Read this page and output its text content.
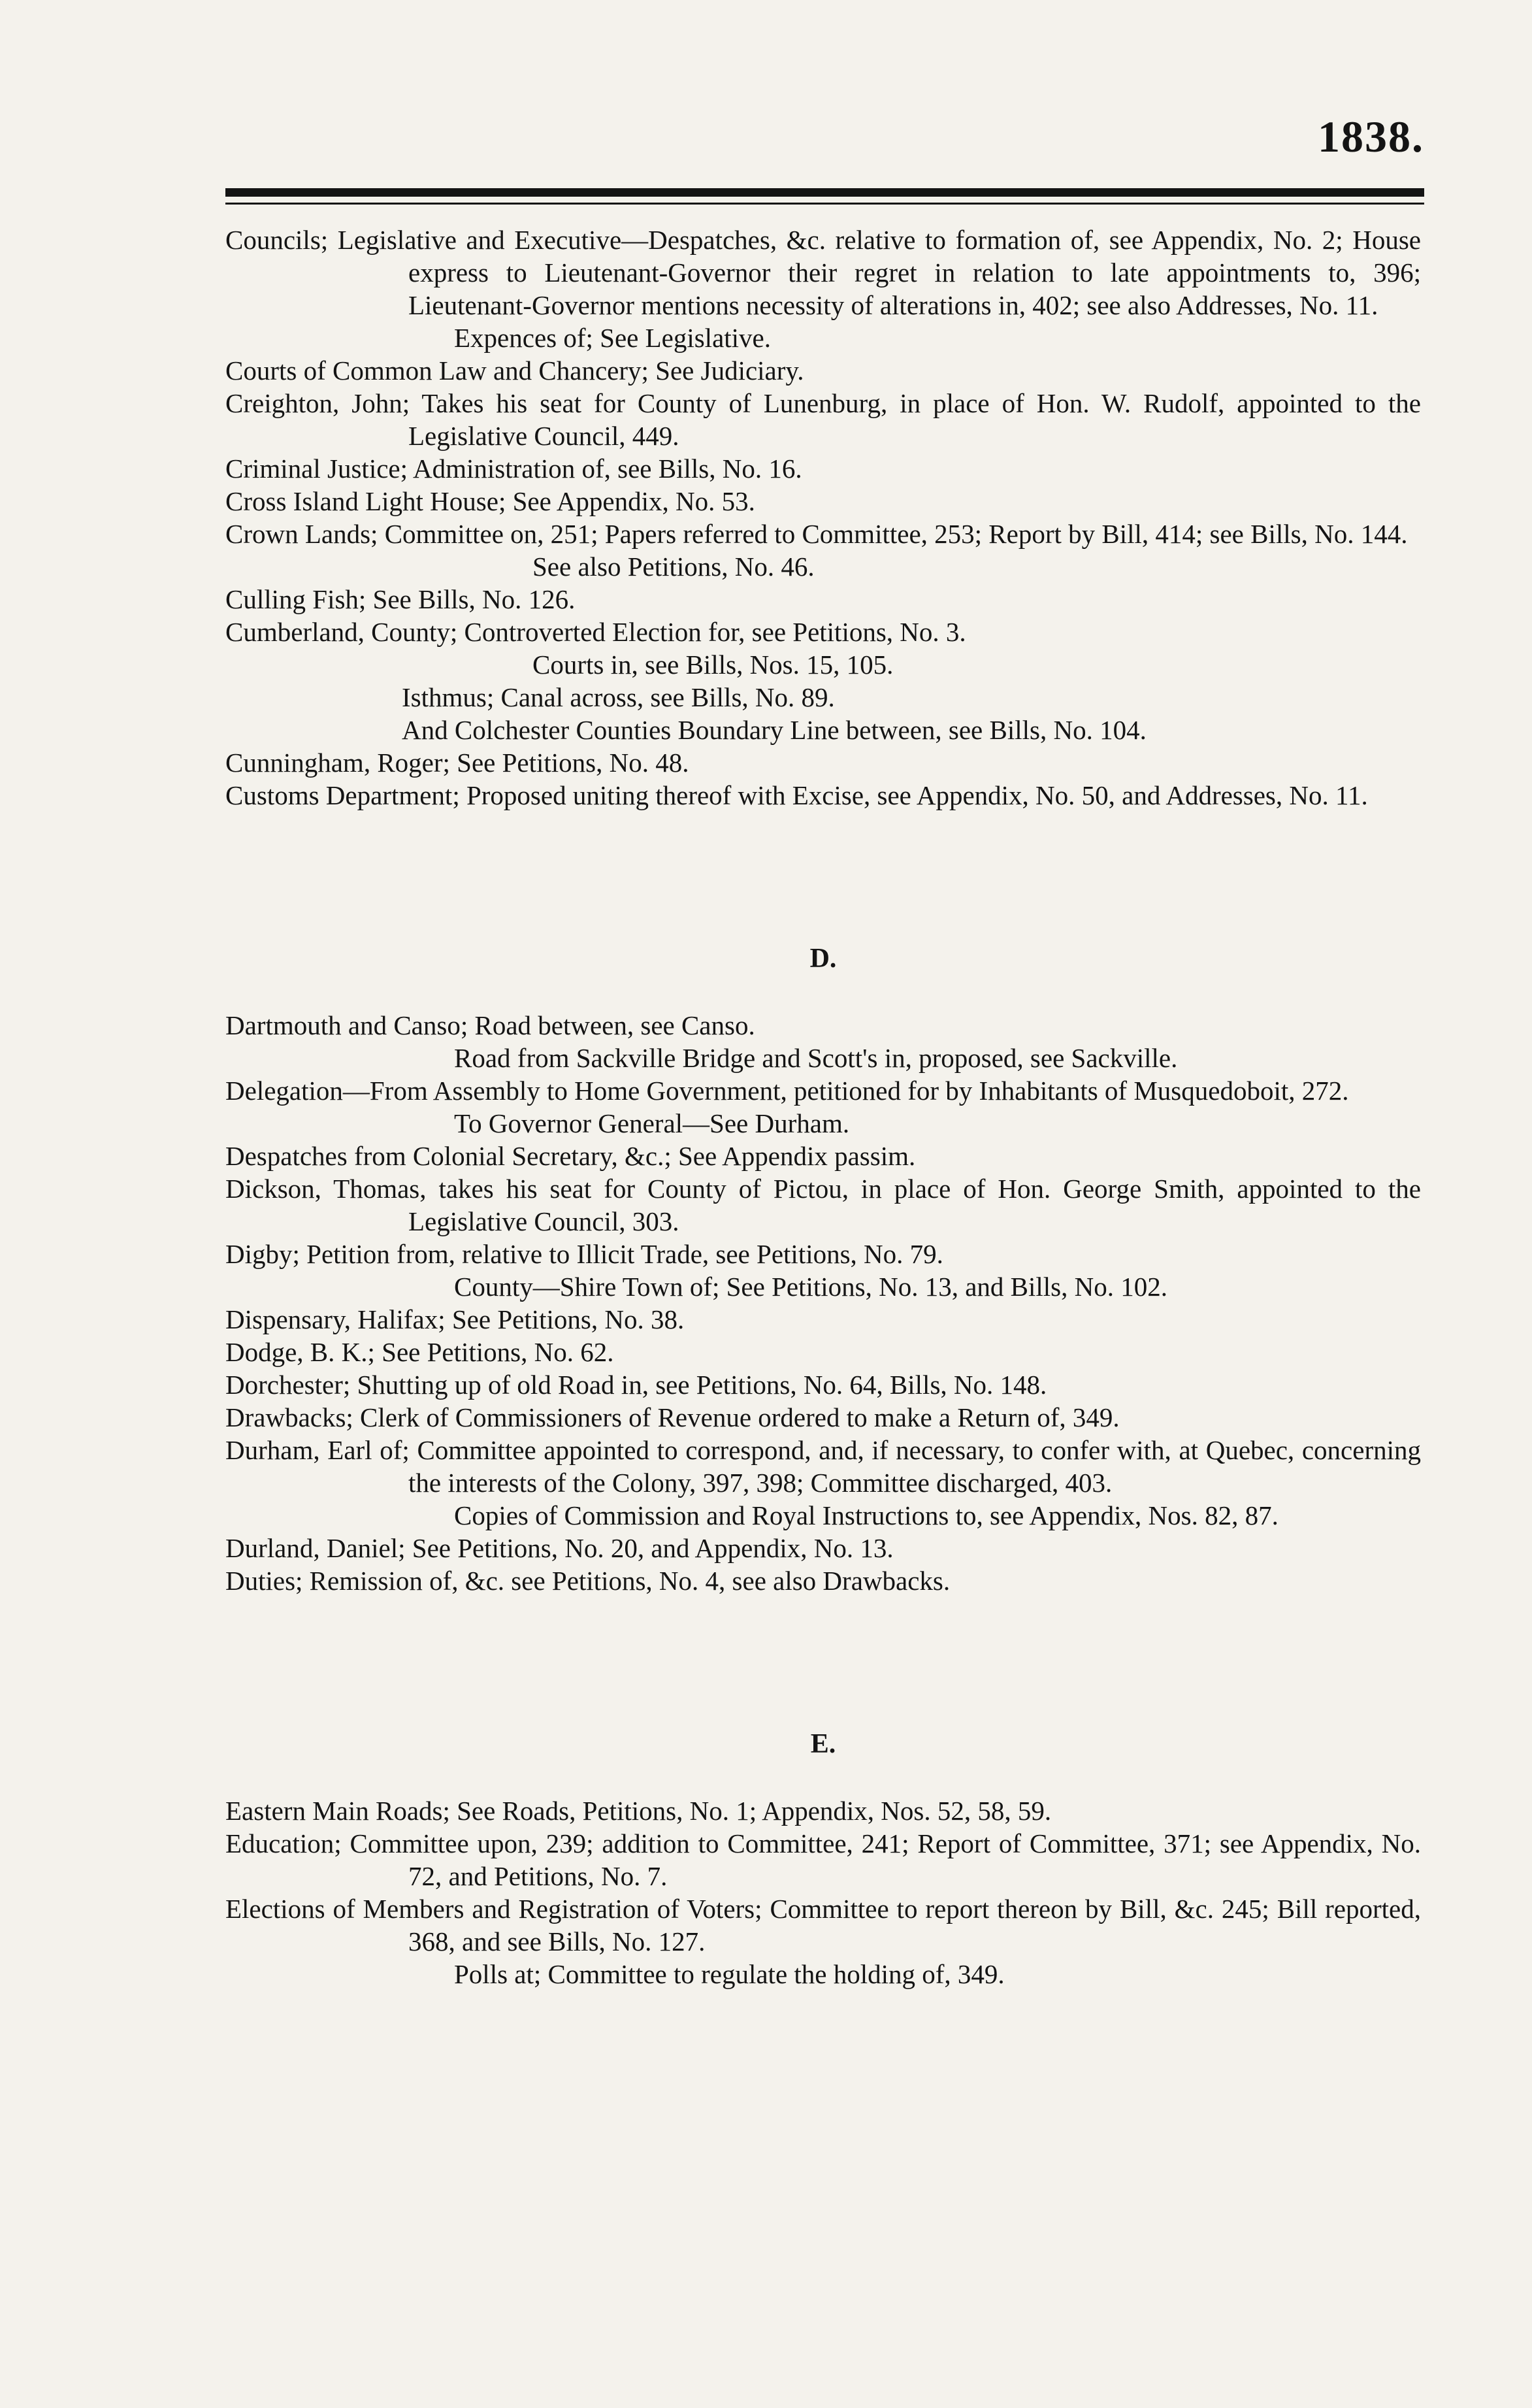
1838.

Councils; Legislative and Executive—Despatches, &c. relative to formation of, see Appendix, No. 2; House express to Lieutenant-Governor their regret in relation to late appointments to, 396; Lieutenant-Governor mentions necessity of alterations in, 402; see also Addresses, No. 11.

Expences of; See Legislative.

Courts of Common Law and Chancery; See Judiciary.

Creighton, John; Takes his seat for County of Lunenburg, in place of Hon. W. Rudolf, appointed to the Legislative Council, 449.

Criminal Justice; Administration of, see Bills, No. 16.

Cross Island Light House; See Appendix, No. 53.

Crown Lands; Committee on, 251; Papers referred to Committee, 253; Report by Bill, 414; see Bills, No. 144.

See also Petitions, No. 46.

Culling Fish; See Bills, No. 126.

Cumberland, County; Controverted Election for, see Petitions, No. 3.

Courts in, see Bills, Nos. 15, 105.

Isthmus; Canal across, see Bills, No. 89.

And Colchester Counties Boundary Line between, see Bills, No. 104.

Cunningham, Roger; See Petitions, No. 48.

Customs Department; Proposed uniting thereof with Excise, see Appendix, No. 50, and Addresses, No. 11.

D.

Dartmouth and Canso; Road between, see Canso.

Road from Sackville Bridge and Scott's in, proposed, see Sackville.

Delegation—From Assembly to Home Government, petitioned for by Inhabitants of Musquedoboit, 272.

To Governor General—See Durham.

Despatches from Colonial Secretary, &c.; See Appendix passim.

Dickson, Thomas, takes his seat for County of Pictou, in place of Hon. George Smith, appointed to the Legislative Council, 303.

Digby; Petition from, relative to Illicit Trade, see Petitions, No. 79.

County—Shire Town of; See Petitions, No. 13, and Bills, No. 102.

Dispensary, Halifax; See Petitions, No. 38.

Dodge, B. K.; See Petitions, No. 62.

Dorchester; Shutting up of old Road in, see Petitions, No. 64, Bills, No. 148.

Drawbacks; Clerk of Commissioners of Revenue ordered to make a Return of, 349.

Durham, Earl of; Committee appointed to correspond, and, if necessary, to confer with, at Quebec, concerning the interests of the Colony, 397, 398; Committee discharged, 403.

Copies of Commission and Royal Instructions to, see Appendix, Nos. 82, 87.

Durland, Daniel; See Petitions, No. 20, and Appendix, No. 13.

Duties; Remission of, &c. see Petitions, No. 4, see also Drawbacks.

E.

Eastern Main Roads; See Roads, Petitions, No. 1; Appendix, Nos. 52, 58, 59.

Education; Committee upon, 239; addition to Committee, 241; Report of Committee, 371; see Appendix, No. 72, and Petitions, No. 7.

Elections of Members and Registration of Voters; Committee to report thereon by Bill, &c. 245; Bill reported, 368, and see Bills, No. 127.

Polls at; Committee to regulate the holding of, 349.
